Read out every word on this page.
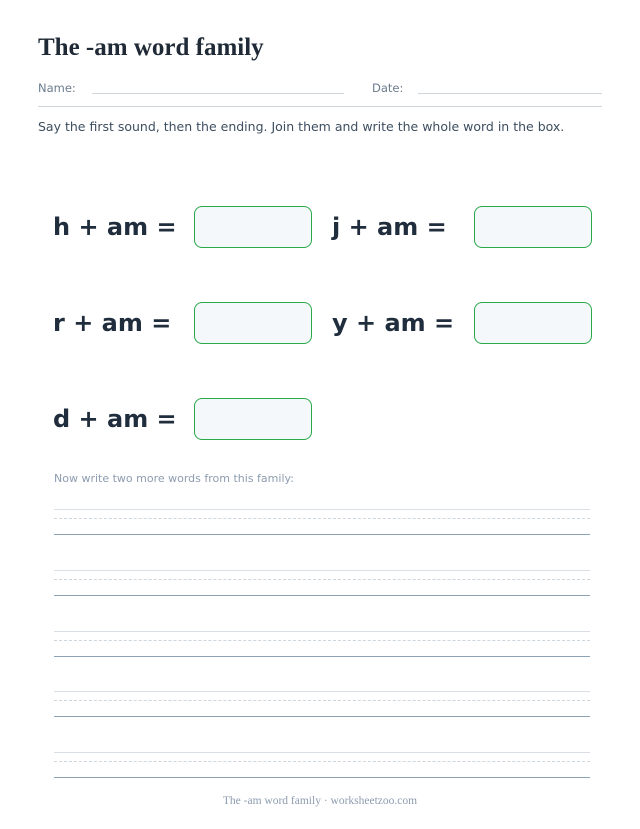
The -am word family
Name:	Date:
Say the first sound, then the ending. Join them and write the whole word in the box.
h + am =	j + am =
r + am =	y + am =
d + am =
Now write two more words from this family:
The -am word family · worksheetzoo.com
